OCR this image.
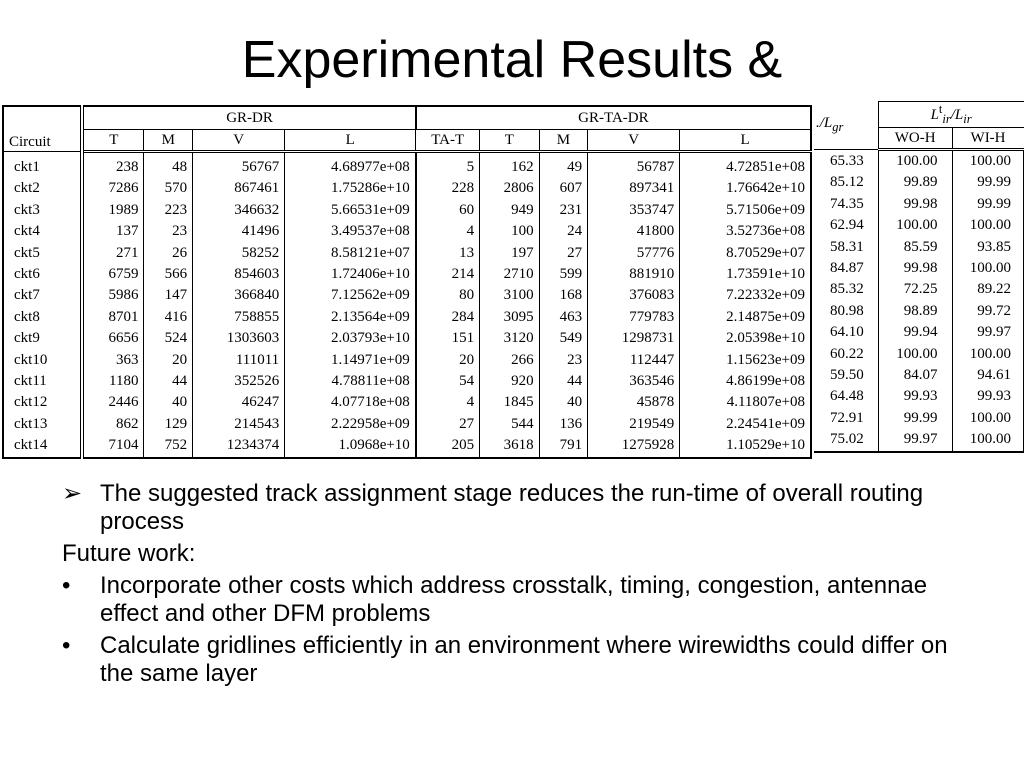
Experimental Results &
Circuit	GR-DR				GR-TA-DR				
	T	M	V	L	TA-T	T	M	V	L
ckt1	238	48	56767	4.68977e+08	5	162	49	56787	4.72851e+08
ckt2	7286	570	867461	1.75286e+10	228	2806	607	897341	1.76642e+10
ckt3	1989	223	346632	5.66531e+09	60	949	231	353747	5.71506e+09
ckt4	137	23	41496	3.49537e+08	4	100	24	41800	3.52736e+08
ckt5	271	26	58252	8.58121e+07	13	197	27	57776	8.70529e+07
ckt6	6759	566	854603	1.72406e+10	214	2710	599	881910	1.73591e+10
ckt7	5986	147	366840	7.12562e+09	80	3100	168	376083	7.22332e+09
ckt8	8701	416	758855	2.13564e+09	284	3095	463	779783	2.14875e+09
ckt9	6656	524	1303603	2.03793e+10	151	3120	549	1298731	2.05398e+10
ckt10	363	20	111011	1.14971e+09	20	266	23	112447	1.15623e+09
ckt11	1180	44	352526	4.78811e+08	54	920	44	363546	4.86199e+08
ckt12	2446	40	46247	4.07718e+08	4	1845	40	45878	4.11807e+08
ckt13	862	129	214543	2.22958e+09	27	544	136	219549	2.24541e+09
ckt14	7104	752	1234374	1.0968e+10	205	3618	791	1275928	1.10529e+10
$./L_{gr}$	$L^t_{ir}/L_{ir}$
	WO-H	WI-H
65.33	100.00	100.00
85.12	99.89	99.99
74.35	99.98	99.99
62.94	100.00	100.00
58.31	85.59	93.85
84.87	99.98	100.00
85.32	72.25	89.22
80.98	98.89	99.72
64.10	99.94	99.97
60.22	100.00	100.00
59.50	84.07	94.61
64.48	99.93	99.93
72.91	99.99	100.00
75.02	99.97	100.00
➢ The suggested track assignment stage reduces the run-time of overall routing process
Future work:
• Incorporate other costs which address crosstalk, timing, congestion, antennae effect and other DFM problems
• Calculate gridlines efficiently in an environment where wirewidths could differ on the same layer
